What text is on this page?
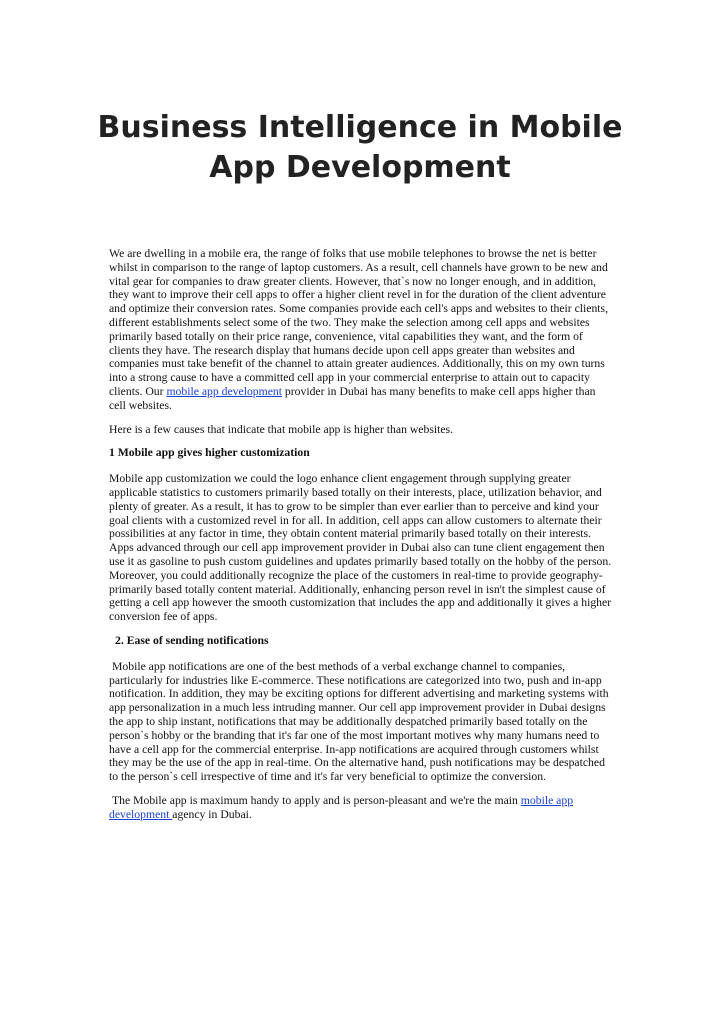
Business Intelligence in Mobile
App Development

We are dwelling in a mobile era, the range of folks that use mobile telephones to browse the net is better whilst in comparison to the range of laptop customers. As a result, cell channels have grown to be new and vital gear for companies to draw greater clients. However, that`s now no longer enough, and in addition, they want to improve their cell apps to offer a higher client revel in for the duration of the client adventure and optimize their conversion rates. Some companies provide each cell's apps and websites to their clients, different establishments select some of the two. They make the selection among cell apps and websites primarily based totally on their price range, convenience, vital capabilities they want, and the form of clients they have. The research display that humans decide upon cell apps greater than websites and companies must take benefit of the channel to attain greater audiences. Additionally, this on my own turns into a strong cause to have a committed cell app in your commercial enterprise to attain out to capacity clients. Our mobile app development provider in Dubai has many benefits to make cell apps higher than cell websites.

Here is a few causes that indicate that mobile app is higher than websites.

1 Mobile app gives higher customization

Mobile app customization we could the logo enhance client engagement through supplying greater applicable statistics to customers primarily based totally on their interests, place, utilization behavior, and plenty of greater. As a result, it has to grow to be simpler than ever earlier than to perceive and kind your goal clients with a customized revel in for all. In addition, cell apps can allow customers to alternate their possibilities at any factor in time, they obtain content material primarily based totally on their interests. Apps advanced through our cell app improvement provider in Dubai also can tune client engagement then use it as gasoline to push custom guidelines and updates primarily based totally on the hobby of the person. Moreover, you could additionally recognize the place of the customers in real-time to provide geography-primarily based totally content material. Additionally, enhancing person revel in isn't the simplest cause of getting a cell app however the smooth customization that includes the app and additionally it gives a higher conversion fee of apps.

2. Ease of sending notifications

Mobile app notifications are one of the best methods of a verbal exchange channel to companies, particularly for industries like E-commerce. These notifications are categorized into two, push and in-app notification. In addition, they may be exciting options for different advertising and marketing systems with app personalization in a much less intruding manner. Our cell app improvement provider in Dubai designs the app to ship instant, notifications that may be additionally despatched primarily based totally on the person`s hobby or the branding that it's far one of the most important motives why many humans need to have a cell app for the commercial enterprise. In-app notifications are acquired through customers whilst they may be the use of the app in real-time. On the alternative hand, push notifications may be despatched to the person`s cell irrespective of time and it's far very beneficial to optimize the conversion.

The Mobile app is maximum handy to apply and is person-pleasant and we're the main mobile app development agency in Dubai.
